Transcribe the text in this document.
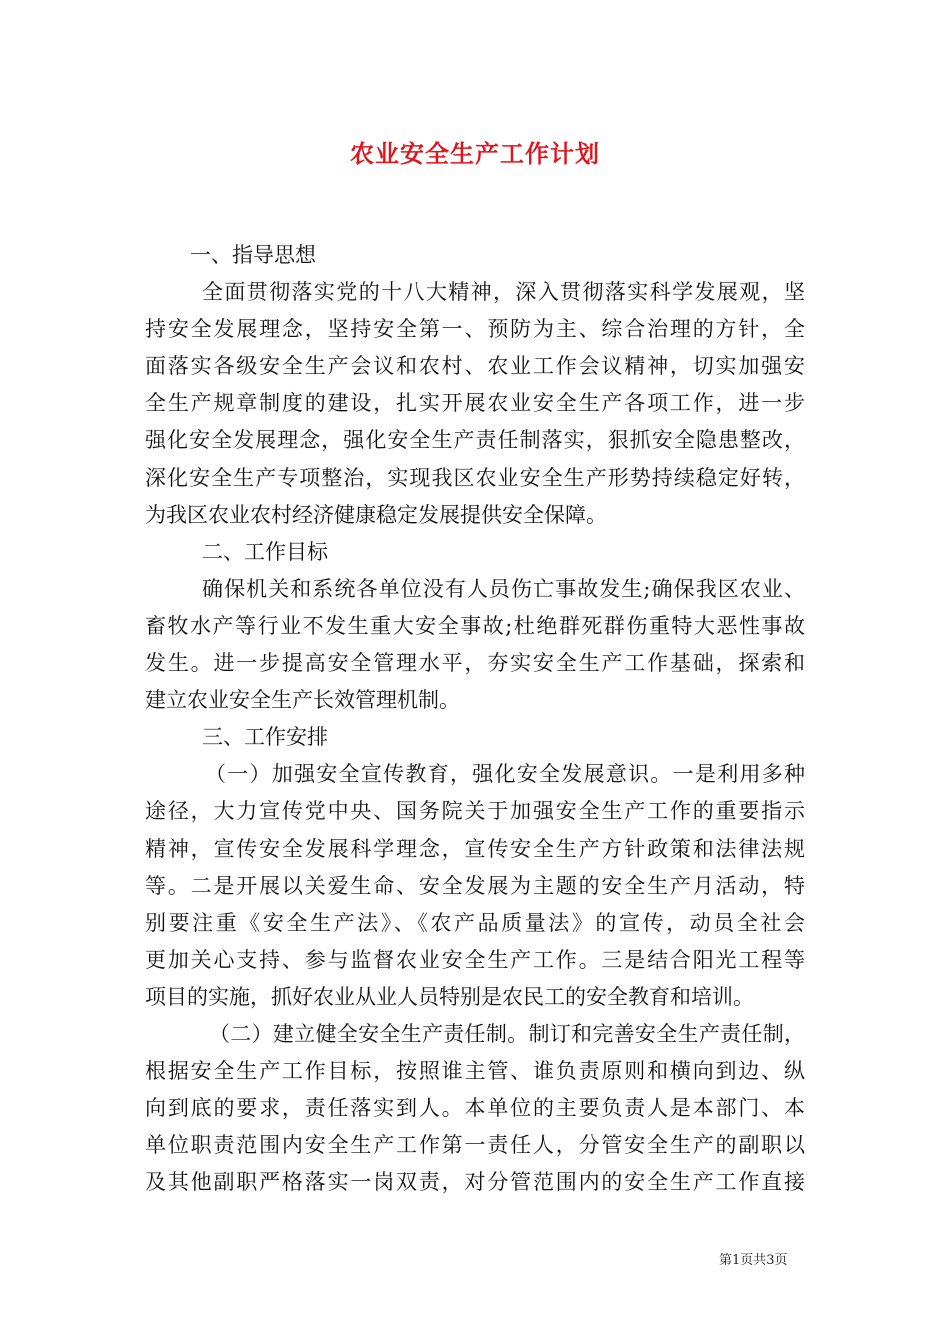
农业安全生产工作计划
一、指导思想
全面贯彻落实党的十八大精神，深入贯彻落实科学发展观，坚
持安全发展理念，坚持安全第一、预防为主、综合治理的方针，全
面落实各级安全生产会议和农村、农业工作会议精神，切实加强安
全生产规章制度的建设，扎实开展农业安全生产各项工作，进一步
强化安全发展理念，强化安全生产责任制落实，狠抓安全隐患整改，
深化安全生产专项整治，实现我区农业安全生产形势持续稳定好转，
为我区农业农村经济健康稳定发展提供安全保障。
二、工作目标
确保机关和系统各单位没有人员伤亡事故发生;确保我区农业、
畜牧水产等行业不发生重大安全事故;杜绝群死群伤重特大恶性事故
发生。进一步提高安全管理水平，夯实安全生产工作基础，探索和
建立农业安全生产长效管理机制。
三、工作安排
（一）加强安全宣传教育，强化安全发展意识。一是利用多种
途径，大力宣传党中央、国务院关于加强安全生产工作的重要指示
精神，宣传安全发展科学理念，宣传安全生产方针政策和法律法规
等。二是开展以关爱生命、安全发展为主题的安全生产月活动，特
别要注重《安全生产法》、《农产品质量法》的宣传，动员全社会
更加关心支持、参与监督农业安全生产工作。三是结合阳光工程等
项目的实施，抓好农业从业人员特别是农民工的安全教育和培训。
（二）建立健全安全生产责任制。制订和完善安全生产责任制，
根据安全生产工作目标，按照谁主管、谁负责原则和横向到边、纵
向到底的要求，责任落实到人。本单位的主要负责人是本部门、本
单位职责范围内安全生产工作第一责任人，分管安全生产的副职以
及其他副职严格落实一岗双责，对分管范围内的安全生产工作直接
第1页共3页
